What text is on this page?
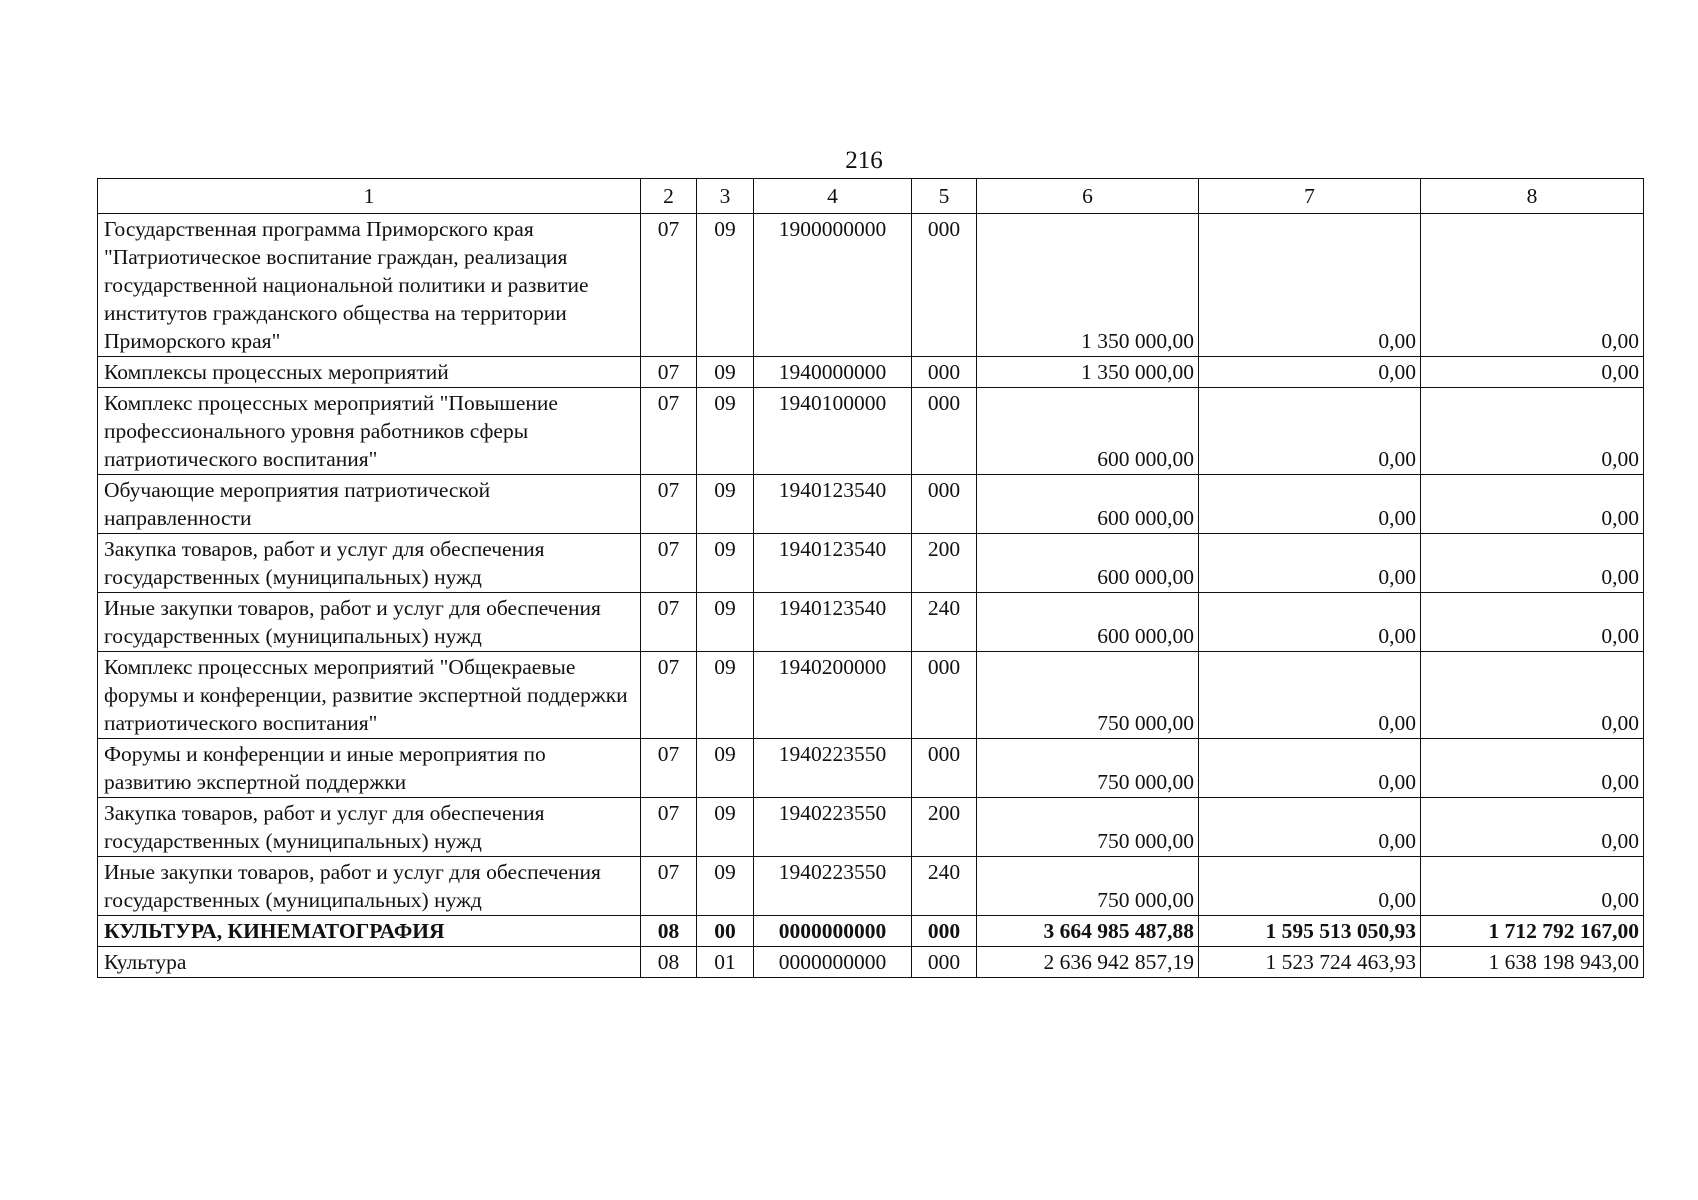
216
1	2	3	4	5	6	7	8
Государственная программа Приморского края "Патриотическое воспитание граждан, реализация государственной национальной политики и развитие институтов гражданского общества на территории Приморского края"	07	09	1900000000	000	1 350 000,00	0,00	0,00
Комплексы процессных мероприятий	07	09	1940000000	000	1 350 000,00	0,00	0,00
Комплекс процессных мероприятий "Повышение профессионального уровня работников сферы патриотического воспитания"	07	09	1940100000	000	600 000,00	0,00	0,00
Обучающие мероприятия патриотической направленности	07	09	1940123540	000	600 000,00	0,00	0,00
Закупка товаров, работ и услуг для обеспечения государственных (муниципальных) нужд	07	09	1940123540	200	600 000,00	0,00	0,00
Иные закупки товаров, работ и услуг для обеспечения государственных (муниципальных) нужд	07	09	1940123540	240	600 000,00	0,00	0,00
Комплекс процессных мероприятий "Общекраевые форумы и конференции, развитие экспертной поддержки патриотического воспитания"	07	09	1940200000	000	750 000,00	0,00	0,00
Форумы и конференции и иные мероприятия по развитию экспертной поддержки	07	09	1940223550	000	750 000,00	0,00	0,00
Закупка товаров, работ и услуг для обеспечения государственных (муниципальных) нужд	07	09	1940223550	200	750 000,00	0,00	0,00
Иные закупки товаров, работ и услуг для обеспечения государственных (муниципальных) нужд	07	09	1940223550	240	750 000,00	0,00	0,00
КУЛЬТУРА, КИНЕМАТОГРАФИЯ	08	00	0000000000	000	3 664 985 487,88	1 595 513 050,93	1 712 792 167,00
Культура	08	01	0000000000	000	2 636 942 857,19	1 523 724 463,93	1 638 198 943,00
